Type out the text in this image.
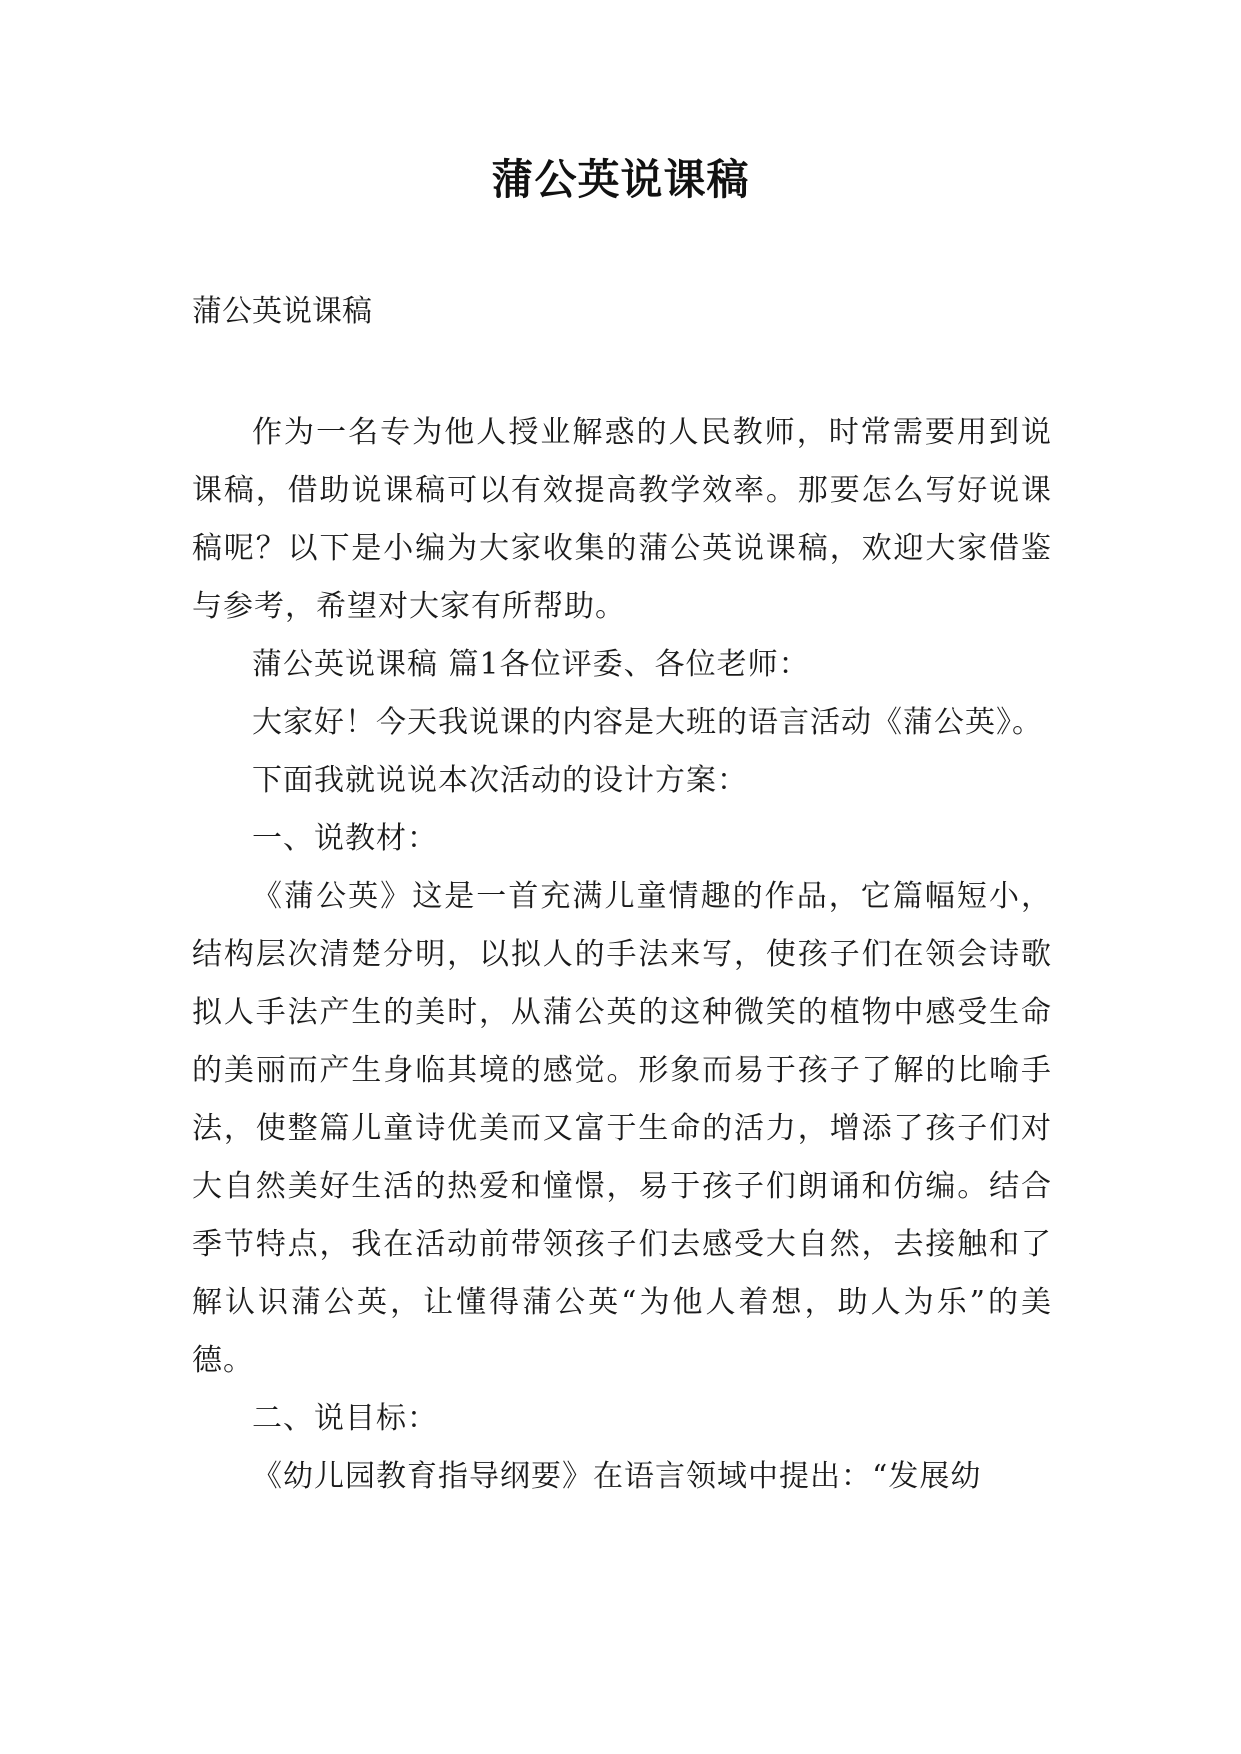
蒲公英说课稿
蒲公英说课稿

作为一名专为他人授业解惑的人民教师，时常需要用到说课稿，借助说课稿可以有效提高教学效率。那要怎么写好说课稿呢？以下是小编为大家收集的蒲公英说课稿，欢迎大家借鉴与参考，希望对大家有所帮助。

蒲公英说课稿 篇1各位评委、各位老师：

大家好！今天我说课的内容是大班的语言活动《蒲公英》。

下面我就说说本次活动的设计方案：

一、说教材：

《蒲公英》这是一首充满儿童情趣的作品，它篇幅短小，结构层次清楚分明，以拟人的手法来写，使孩子们在领会诗歌拟人手法产生的美时，从蒲公英的这种微笑的植物中感受生命的美丽而产生身临其境的感觉。形象而易于孩子了解的比喻手法，使整篇儿童诗优美而又富于生命的活力，增添了孩子们对大自然美好生活的热爱和憧憬，易于孩子们朗诵和仿编。结合季节特点，我在活动前带领孩子们去感受大自然，去接触和了解认识蒲公英，让懂得蒲公英“为他人着想，助人为乐”的美德。

二、说目标：

《幼儿园教育指导纲要》在语言领域中提出：“发展幼
